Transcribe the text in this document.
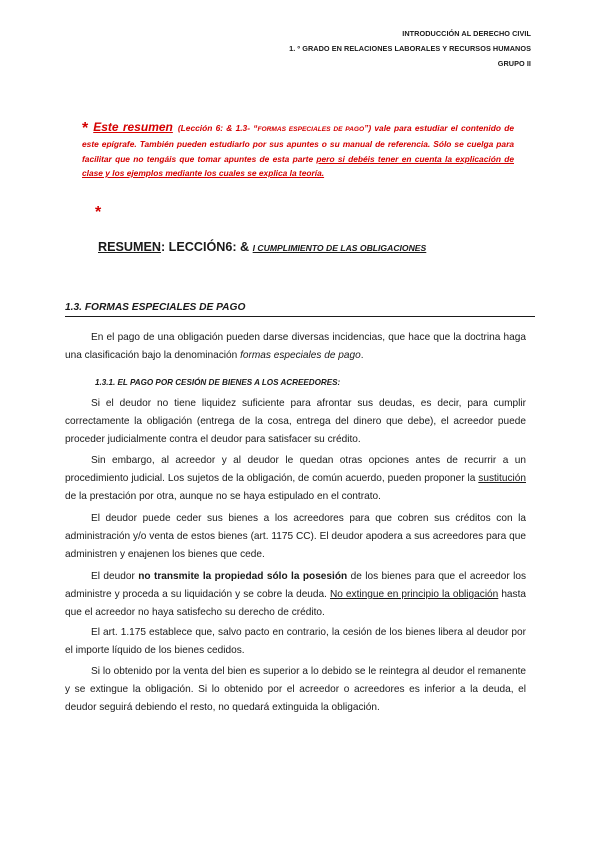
INTRODUCCIÓN AL DERECHO CIVIL
1. º GRADO EN RELACIONES LABORALES Y RECURSOS HUMANOS
GRUPO II
* Este resumen (Lección 6: & 1.3- “FORMAS ESPECIALES DE PAGO”) vale para estudiar el contenido de este epígrafe. También pueden estudiarlo por sus apuntes o su manual de referencia. Sólo se cuelga para facilitar que no tengáis que tomar apuntes de esta parte pero si debéis tener en cuenta la explicación de clase y los ejemplos mediante los cuales se explica la teoría.
*
RESUMEN: LECCIÓN6: & I CUMPLIMIENTO DE LAS OBLIGACIONES
1.3. FORMAS ESPECIALES DE PAGO
En el pago de una obligación pueden darse diversas incidencias, que hace que la doctrina haga una clasificación bajo la denominación formas especiales de pago.
1.3.1. EL PAGO POR CESIÓN DE BIENES A LOS ACREEDORES:
Si el deudor no tiene liquidez suficiente para afrontar sus deudas, es decir, para cumplir correctamente la obligación (entrega de la cosa, entrega del dinero que debe), el acreedor puede proceder judicialmente contra el deudor para satisfacer su crédito.
Sin embargo, al acreedor y al deudor le quedan otras opciones antes de recurrir a un procedimiento judicial. Los sujetos de la obligación, de común acuerdo, pueden proponer la sustitución de la prestación por otra, aunque no se haya estipulado en el contrato.
El deudor puede ceder sus bienes a los acreedores para que cobren sus créditos con la administración y/o venta de estos bienes (art. 1175 CC). El deudor apodera a sus acreedores para que administren y enajenen los bienes que cede.
El deudor no transmite la propiedad sólo la posesión de los bienes para que el acreedor los administre y proceda a su liquidación y se cobre la deuda. No extingue en principio la obligación hasta que el acreedor no haya satisfecho su derecho de crédito.
El art. 1.175 establece que, salvo pacto en contrario, la cesión de los bienes libera al deudor por el importe líquido de los bienes cedidos.
Si lo obtenido por la venta del bien es superior a lo debido se le reintegra al deudor el remanente y se extingue la obligación. Si lo obtenido por el acreedor o acreedores es inferior a la deuda, el deudor seguirá debiendo el resto, no quedará extinguida la obligación.
